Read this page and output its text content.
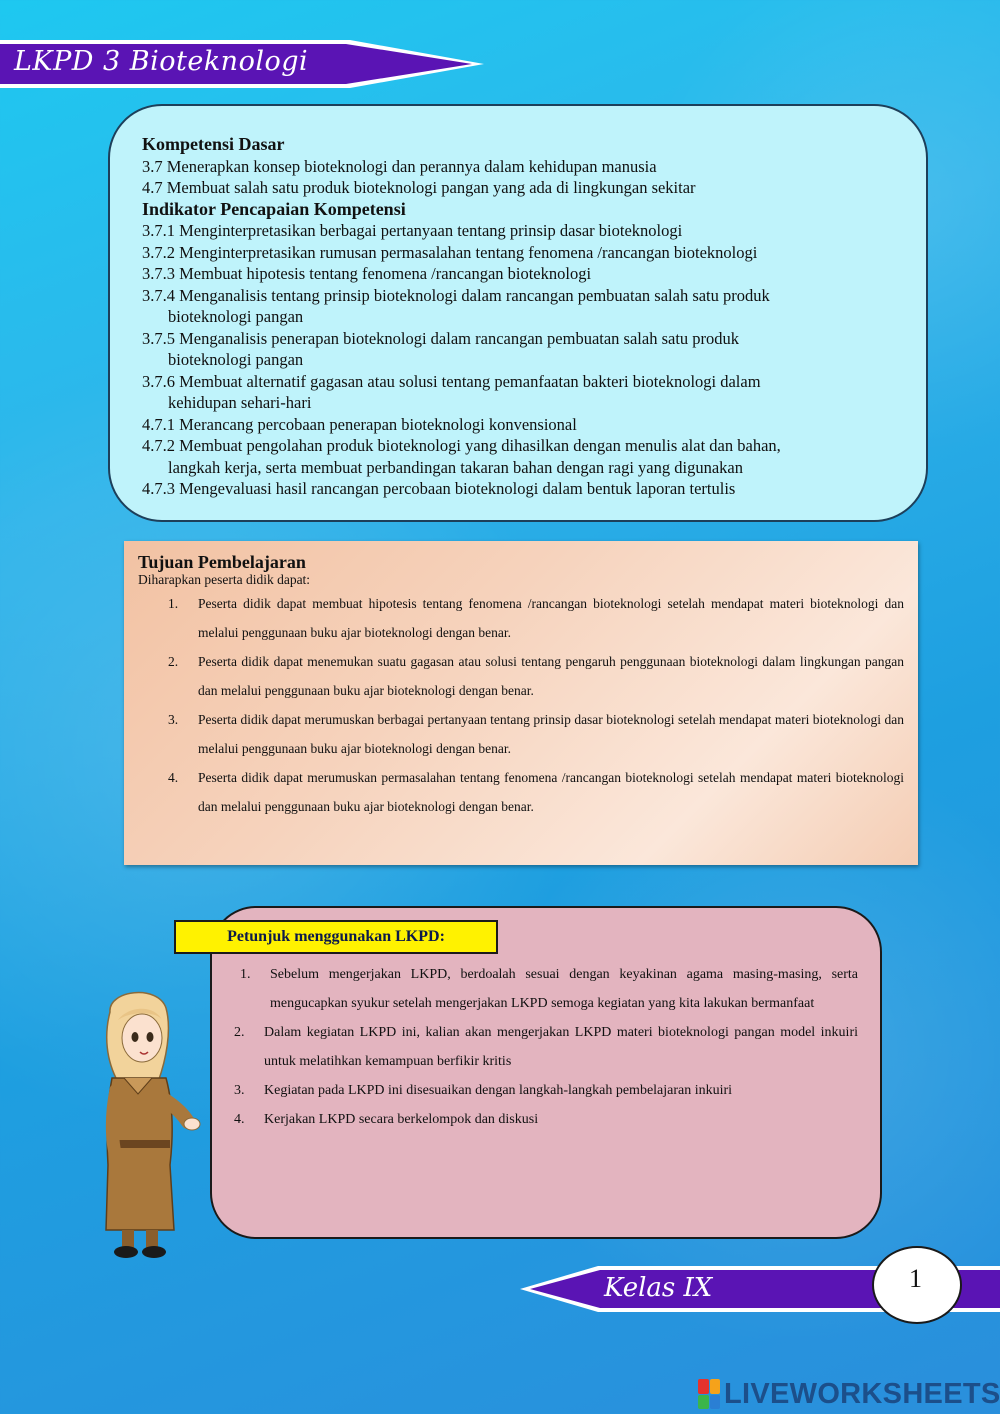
LKPD 3 Bioteknologi
Kompetensi Dasar
3.7 Menerapkan konsep bioteknologi dan perannya dalam kehidupan manusia
4.7 Membuat salah satu produk bioteknologi pangan yang ada di lingkungan sekitar
Indikator Pencapaian Kompetensi
3.7.1 Menginterpretasikan berbagai pertanyaan tentang prinsip dasar bioteknologi
3.7.2 Menginterpretasikan rumusan permasalahan tentang fenomena /rancangan bioteknologi
3.7.3 Membuat hipotesis tentang fenomena /rancangan bioteknologi
3.7.4 Menganalisis tentang prinsip bioteknologi dalam rancangan pembuatan salah satu produk
bioteknologi pangan
3.7.5 Menganalisis penerapan bioteknologi dalam rancangan pembuatan salah satu produk
bioteknologi pangan
3.7.6 Membuat alternatif gagasan atau solusi tentang pemanfaatan bakteri bioteknologi dalam
kehidupan sehari-hari
4.7.1 Merancang percobaan penerapan bioteknologi konvensional
4.7.2 Membuat pengolahan produk bioteknologi yang dihasilkan dengan menulis alat dan bahan,
langkah kerja, serta membuat perbandingan takaran bahan dengan ragi yang digunakan
4.7.3 Mengevaluasi hasil rancangan percobaan bioteknologi dalam bentuk laporan tertulis
Tujuan Pembelajaran
Diharapkan peserta didik dapat:
1. Peserta didik dapat membuat hipotesis tentang fenomena /rancangan bioteknologi setelah mendapat materi bioteknologi dan melalui penggunaan buku ajar bioteknologi dengan benar.
2. Peserta didik dapat menemukan suatu gagasan atau solusi tentang pengaruh penggunaan bioteknologi dalam lingkungan pangan dan melalui penggunaan buku ajar bioteknologi dengan benar.
3. Peserta didik dapat merumuskan berbagai pertanyaan tentang prinsip dasar bioteknologi setelah mendapat materi bioteknologi dan melalui penggunaan buku ajar bioteknologi dengan benar.
4. Peserta didik dapat merumuskan permasalahan tentang fenomena /rancangan bioteknologi setelah mendapat materi bioteknologi dan melalui penggunaan buku ajar bioteknologi dengan benar.
Petunjuk menggunakan LKPD:
1. Sebelum mengerjakan LKPD, berdoalah sesuai dengan keyakinan agama masing-masing, serta mengucapkan syukur setelah mengerjakan LKPD semoga kegiatan yang kita lakukan bermanfaat
2. Dalam kegiatan LKPD ini, kalian akan mengerjakan LKPD materi bioteknologi pangan model inkuiri untuk melatihkan kemampuan berfikir kritis
3. Kegiatan pada LKPD ini disesuaikan dengan langkah-langkah pembelajaran inkuiri
4. Kerjakan LKPD secara berkelompok dan diskusi
Kelas IX	1
LIVEWORKSHEETS
